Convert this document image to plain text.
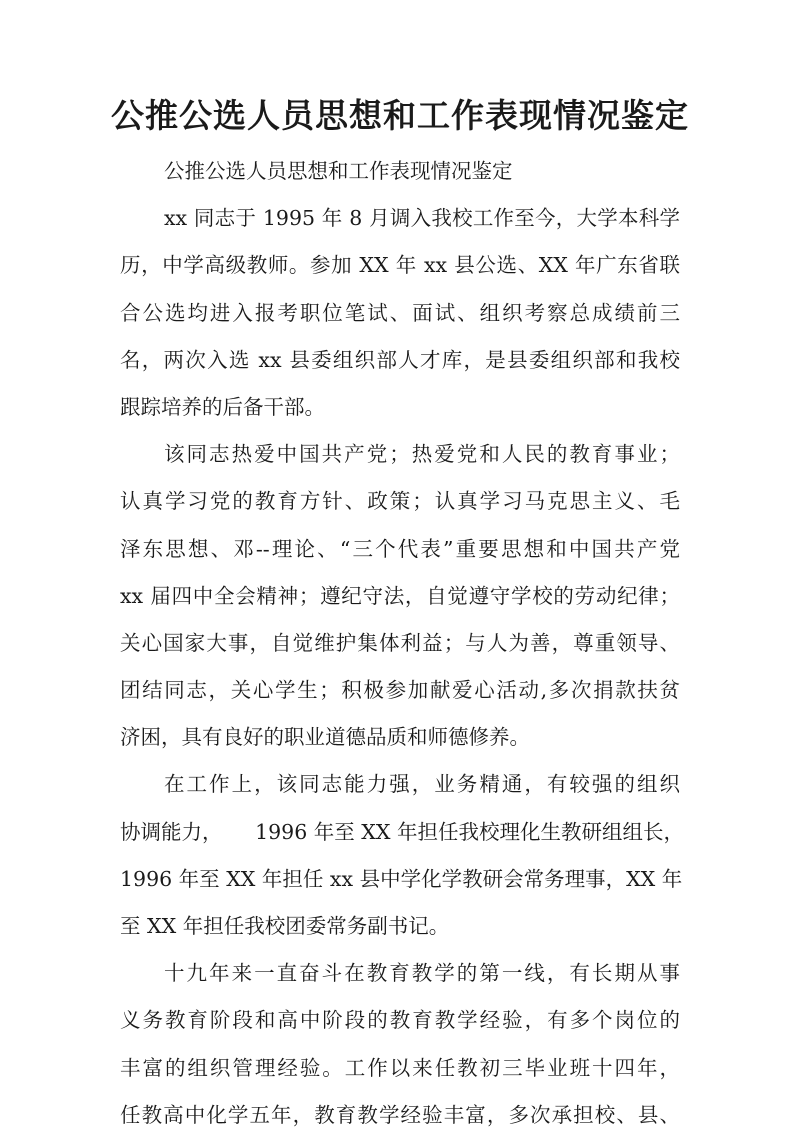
公推公选人员思想和工作表现情况鉴定
公推公选人员思想和工作表现情况鉴定
xx 同志于 1995 年 8 月调入我校工作至今，大学本科学
历，中学高级教师。参加 XX 年 xx 县公选、XX 年广东省联
合公选均进入报考职位笔试、面试、组织考察总成绩前三
名，两次入选 xx 县委组织部人才库，是县委组织部和我校
跟踪培养的后备干部。
该同志热爱中国共产党；热爱党和人民的教育事业；
认真学习党的教育方针、政策；认真学习马克思主义、毛
泽东思想、邓--理论、“三个代表”重要思想和中国共产党
xx 届四中全会精神；遵纪守法，自觉遵守学校的劳动纪律；
关心国家大事，自觉维护集体利益；与人为善，尊重领导、
团结同志，关心学生；积极参加献爱心活动,多次捐款扶贫
济困，具有良好的职业道德品质和师德修养。
在工作上，该同志能力强，业务精通，有较强的组织
协调能力，     1996 年至 XX 年担任我校理化生教研组组长，
1996 年至 XX 年担任 xx 县中学化学教研会常务理事，XX 年
至 XX 年担任我校团委常务副书记。
十九年来一直奋斗在教育教学的第一线，有长期从事
义务教育阶段和高中阶段的教育教学经验，有多个岗位的
丰富的组织管理经验。工作以来任教初三毕业班十四年，
任教高中化学五年，教育教学经验丰富，多次承担校、县、
